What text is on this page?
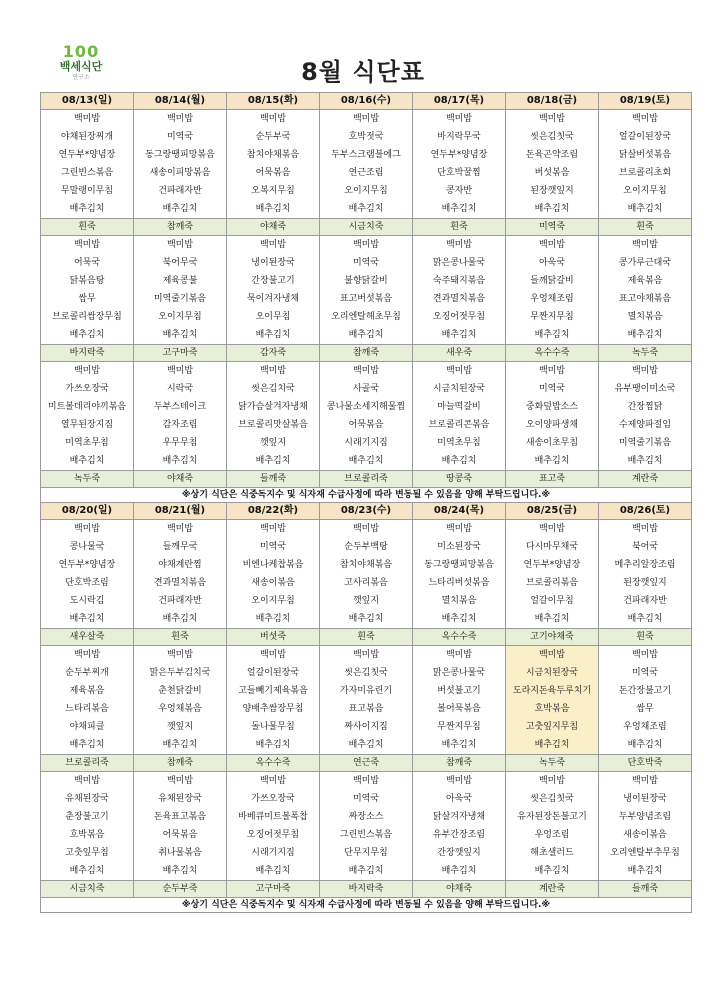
100
백세식단
연구소	8월 식단표
08/13(일)	08/14(월)	08/15(화)	08/16(수)	08/17(목)	08/18(금)	08/19(토)
백미밥	백미밥	백미밥	백미밥	백미밥	백미밥	백미밥
야채된장찌개	미역국	순두부국	호박젓국	바지락무국	씻은김칫국	얼갈이된장국
연두부*양념장	동그랑땡피망볶음	참치야채볶음	두부스크램블에그	연두부*양념장	돈육곤약조림	닭살버섯볶음
그린빈스볶음	새송이피망볶음	어묵볶음	연근조림	단호박꿀찜	버섯볶음	브로콜리초회
무말랭이무침	건파래자반	오복지무침	오이지무침	콩자반	된장깻잎지	오이지무침
배추김치	배추김치	배추김치	배추김치	배추김치	배추김치	배추김치
흰죽	참깨죽	야채죽	시금치죽	흰죽	미역죽	흰죽
백미밥	백미밥	백미밥	백미밥	백미밥	백미밥	백미밥
어묵국	북어무국	냉이된장국	미역국	맑은콩나물국	아욱국	콩가루근대국
닭볶음탕	제육콩불	간장불고기	불향닭갈비	숙주돼지볶음	들깨닭갈비	제육볶음
쌈무	미역줄기볶음	묵이겨자냉채	표고버섯볶음	견과멸치볶음	우엉채조림	표고야채볶음
브로콜리쌈장무침	오이지무침	오이무침	오리엔탈해초무침	오징어젓무침	무짠지무침	멸치볶음
배추김치	배추김치	배추김치	배추김치	배추김치	배추김치	배추김치
바지락죽	고구마죽	감자죽	참깨죽	새우죽	옥수수죽	녹두죽
백미밥	백미밥	백미밥	백미밥	백미밥	백미밥	백미밥
가쓰오장국	시락국	씻은김치국	사골국	시금치된장국	미역국	유부땡이미소국
미트볼데리야끼볶음	두부스테이크	닭가슴살겨자냉채	콩나물소세지해물찜	마늘떡갈비	중화덮밥소스	간장찜닭
열무된장지짐	감자조림	브로콜리맛살볶음	어묵볶음	브로콜리콘볶음	오이양파생채	수제양파절임
미역초무침	우무무침	깻잎지	시래기지짐	미역초무침	새송이초무침	미역줄기볶음
배추김치	배추김치	배추김치	배추김치	배추김치	배추김치	배추김치
녹두죽	야채죽	들깨죽	브로콜리죽	땅콩죽	표고죽	계란죽
※상기 식단은 식중독지수 및 식자재 수급사정에 따라 변동될 수 있음을 양해 부탁드립니다.※						
08/20(일)	08/21(월)	08/22(화)	08/23(수)	08/24(목)	08/25(금)	08/26(토)
백미밥	백미밥	백미밥	백미밥	백미밥	백미밥	백미밥
콩나물국	들깨무국	미역국	순두부백탕	미소된장국	다시마무채국	북어국
연두부*양념장	야채계란찜	비엔나케찹볶음	참치야채볶음	동그랑땡피망볶음	연두부*양념장	메추리알장조림
단호박조림	견과멸치볶음	새송이볶음	고사리볶음	느타리버섯볶음	브로콜리볶음	된장깻잎지
도시락김	건파래자반	오이지무침	깻잎지	멸치볶음	얼갈이무침	건파래자반
배추김치	배추김치	배추김치	배추김치	배추김치	배추김치	배추김치
새우살죽	흰죽	버섯죽	흰죽	옥수수죽	고기야채죽	흰죽
백미밥	백미밥	백미밥	백미밥	백미밥	백미밥	백미밥
순두부찌개	맑은두부김치국	얼갈이된장국	씻은김칫국	맑은콩나물국	시금치된장국	미역국
제육볶음	춘천닭갈비	고들빼기제육볶음	가자미유린기	버섯불고기	도라지돈육두루치기	돈간장불고기
느타리볶음	우엉채볶음	양배추쌈장무침	표고볶음	볼어묵볶음	호박볶음	쌈무
야채피클	깻잎지	돌나물무침	짜사이지짐	무짠지무침	고춧잎지무침	우엉채조림
배추김치	배추김치	배추김치	배추김치	배추김치	배추김치	배추김치
브로콜리죽	참깨죽	옥수수죽	연근죽	참깨죽	녹두죽	단호박죽
백미밥	백미밥	백미밥	백미밥	백미밥	백미밥	백미밥
유채된장국	유채된장국	가쓰오장국	미역국	아욱국	씻은김칫국	냉이된장국
춘장불고기	돈육표고볶음	바베큐미트볼폭찹	짜장소스	닭살겨자냉채	유자된장돈불고기	두부양념조림
호박볶음	어묵볶음	오징어젓무침	그린빈스볶음	유부간장조림	우엉조림	새송이볶음
고춧잎무침	취나물볶음	시래기지짐	단무지무침	간장깻잎지	해초샐러드	오리엔탈부추무침
배추김치	배추김치	배추김치	배추김치	배추김치	배추김치	배추김치
시금치죽	순두부죽	고구마죽	바지락죽	야채죽	계란죽	들깨죽
※상기 식단은 식중독지수 및 식자재 수급사정에 따라 변동될 수 있음을 양해 부탁드립니다.※						
